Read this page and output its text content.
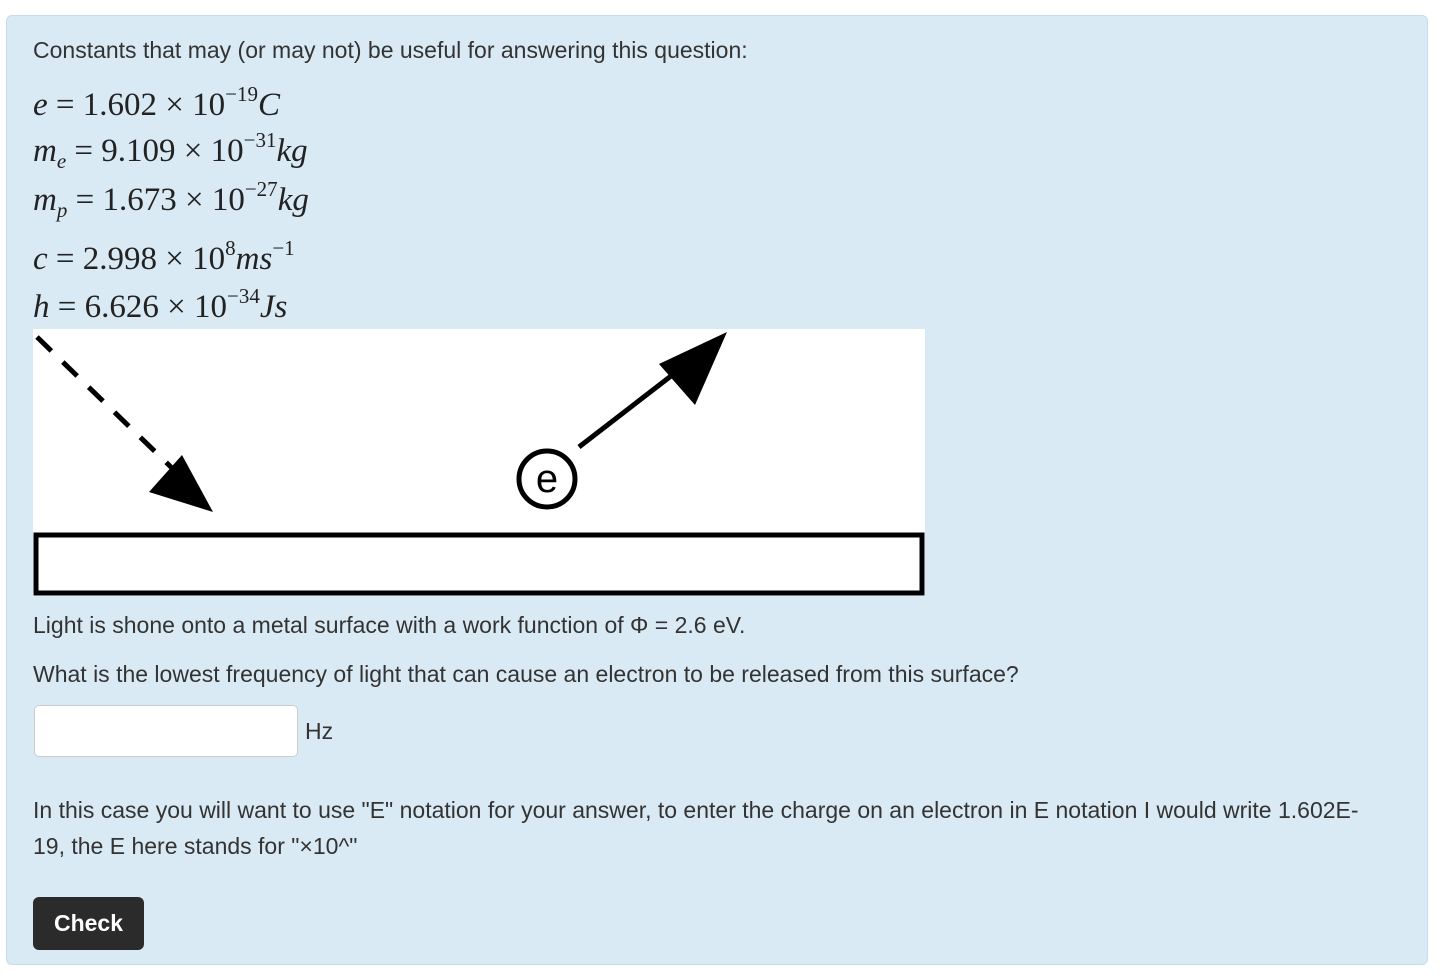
Constants that may (or may not) be useful for answering this question:

$e = 1.602 \times 10^{-19}C$
$m_e = 9.109 \times 10^{-31}kg$
$m_p = 1.673 \times 10^{-27}kg$
$c = 2.998 \times 10^8ms^{-1}$
$h = 6.626 \times 10^{-34}Js$
e

Light is shone onto a metal surface with a work function of Φ = 2.6 eV.

What is the lowest frequency of light that can cause an electron to be released from this surface?

Hz

In this case you will want to use "E" notation for your answer, to enter the charge on an electron in E notation I would write 1.602E-19, the E here stands for "×10^"

Check
